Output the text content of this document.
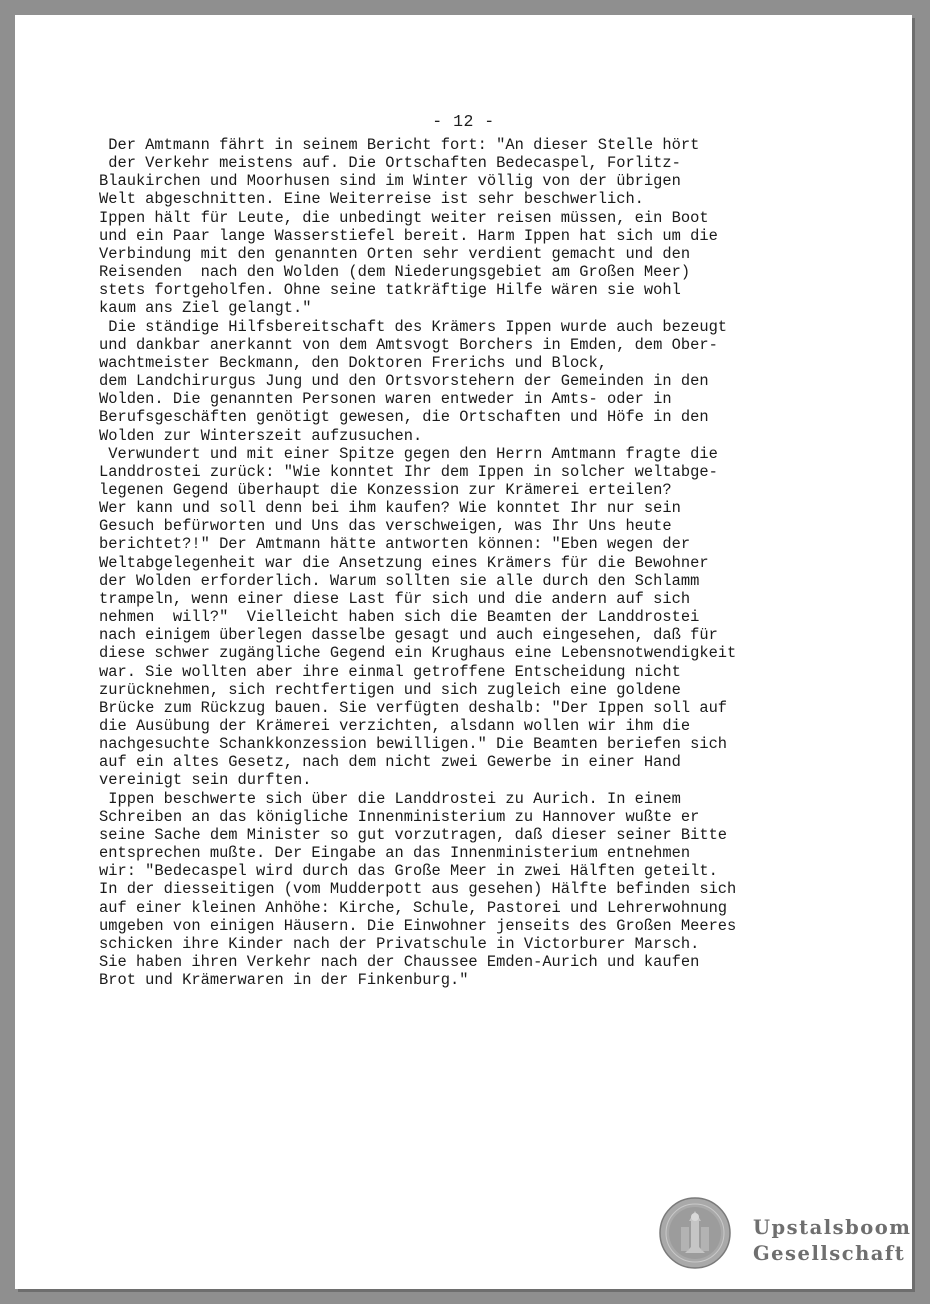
- 12 -
Der Amtmann fährt in seinem Bericht fort: "An dieser Stelle hört
der Verkehr meistens auf. Die Ortschaften Bedecaspel, Forlitz-
Blaukirchen und Moorhusen sind im Winter völlig von der übrigen
Welt abgeschnitten. Eine Weiterreise ist sehr beschwerlich.
Ippen hält für Leute, die unbedingt weiter reisen müssen, ein Boot
und ein Paar lange Wasserstiefel bereit. Harm Ippen hat sich um die
Verbindung mit den genannten Orten sehr verdient gemacht und den
Reisenden  nach den Wolden (dem Niederungsgebiet am Großen Meer)
stets fortgeholfen. Ohne seine tatkräftige Hilfe wären sie wohl
kaum ans Ziel gelangt."
Die ständige Hilfsbereitschaft des Krämers Ippen wurde auch bezeugt
und dankbar anerkannt von dem Amtsvogt Borchers in Emden, dem Ober-
wachtmeister Beckmann, den Doktoren Frerichs und Block,
dem Landchirurgus Jung und den Ortsvorstehern der Gemeinden in den
Wolden. Die genannten Personen waren entweder in Amts- oder in
Berufsgeschäften genötigt gewesen, die Ortschaften und Höfe in den
Wolden zur Winterszeit aufzusuchen.
Verwundert und mit einer Spitze gegen den Herrn Amtmann fragte die
Landdrostei zurück: "Wie konntet Ihr dem Ippen in solcher weltabge-
legenen Gegend überhaupt die Konzession zur Krämerei erteilen?
Wer kann und soll denn bei ihm kaufen? Wie konntet Ihr nur sein
Gesuch befürworten und Uns das verschweigen, was Ihr Uns heute
berichtet?!" Der Amtmann hätte antworten können: "Eben wegen der
Weltabgelegenheit war die Ansetzung eines Krämers für die Bewohner
der Wolden erforderlich. Warum sollten sie alle durch den Schlamm
trampeln, wenn einer diese Last für sich und die andern auf sich
nehmen  will?"  Vielleicht haben sich die Beamten der Landdrostei
nach einigem überlegen dasselbe gesagt und auch eingesehen, daß für
diese schwer zugängliche Gegend ein Krughaus eine Lebensnotwendigkeit
war. Sie wollten aber ihre einmal getroffene Entscheidung nicht
zurücknehmen, sich rechtfertigen und sich zugleich eine goldene
Brücke zum Rückzug bauen. Sie verfügten deshalb: "Der Ippen soll auf
die Ausübung der Krämerei verzichten, alsdann wollen wir ihm die
nachgesuchte Schankkonzession bewilligen." Die Beamten beriefen sich
auf ein altes Gesetz, nach dem nicht zwei Gewerbe in einer Hand
vereinigt sein durften.
Ippen beschwerte sich über die Landdrostei zu Aurich. In einem
Schreiben an das königliche Innenministerium zu Hannover wußte er
seine Sache dem Minister so gut vorzutragen, daß dieser seiner Bitte
entsprechen mußte. Der Eingabe an das Innenministerium entnehmen
wir: "Bedecaspel wird durch das Große Meer in zwei Hälften geteilt.
In der diesseitigen (vom Mudderpott aus gesehen) Hälfte befinden sich
auf einer kleinen Anhöhe: Kirche, Schule, Pastorei und Lehrerwohnung
umgeben von einigen Häusern. Die Einwohner jenseits des Großen Meeres
schicken ihre Kinder nach der Privatschule in Victorburer Marsch.
Sie haben ihren Verkehr nach der Chaussee Emden-Aurich und kaufen
Brot und Krämerwaren in der Finkenburg."
Upstalsboom
Gesellschaft
